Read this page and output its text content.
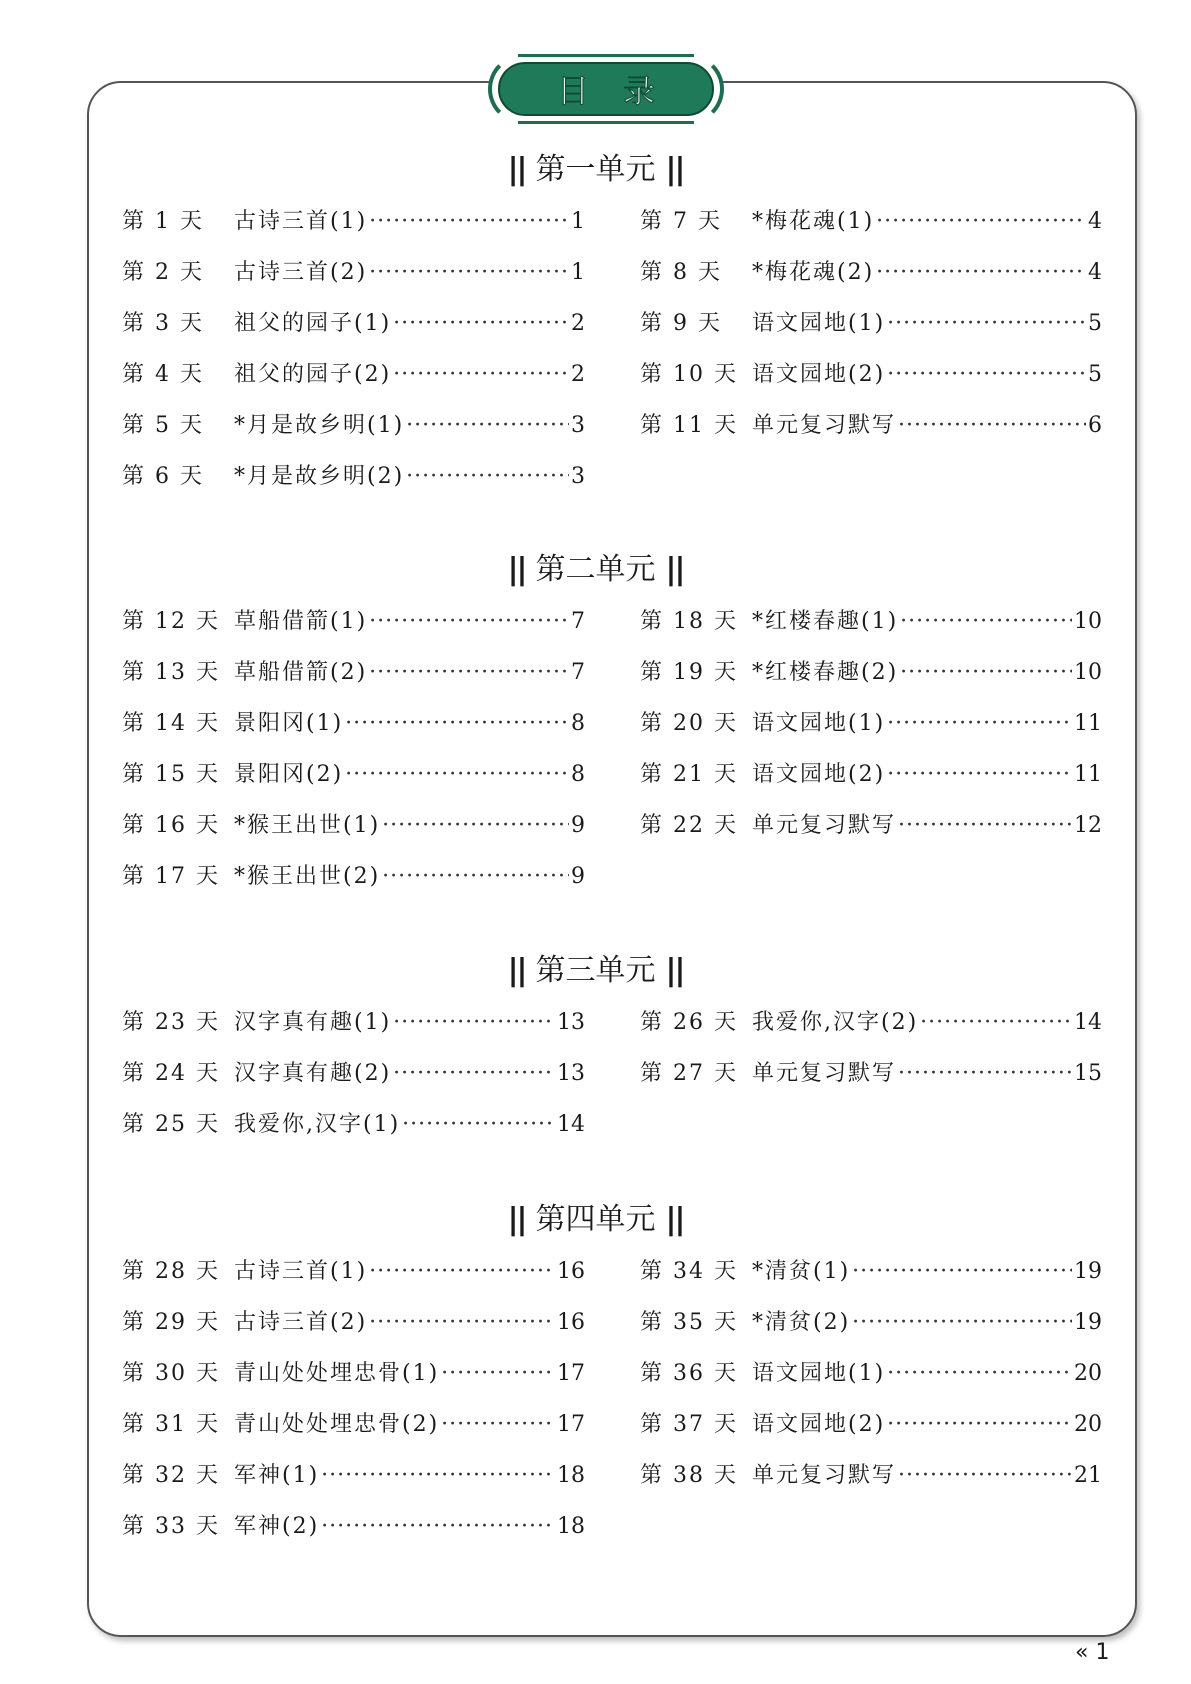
目 录
|| 第一单元 ||
第 1 天	古诗三首(1) ·····	1
第 2 天	古诗三首(2) ·····	1
第 3 天	祖父的园子(1) ·····	2
第 4 天	祖父的园子(2) ·····	2
第 5 天	*月是故乡明(1) ·····	3
第 6 天	*月是故乡明(2) ·····	3
第 7 天	*梅花魂(1) ·····	4
第 8 天	*梅花魂(2) ·····	4
第 9 天	语文园地(1) ·····	5
第 10 天 语文园地(2) ·····	5
第 11 天 单元复习默写 ·····	6
|| 第二单元 ||
第 12 天 草船借箭(1) ·····	7
第 13 天 草船借箭(2) ·····	7
第 14 天 景阳冈(1) ·····	8
第 15 天 景阳冈(2) ·····	8
第 16 天 *猴王出世(1) ·····	9
第 17 天 *猴王出世(2) ·····	9
第 18 天 *红楼春趣(1) ·····	10
第 19 天 *红楼春趣(2) ·····	10
第 20 天 语文园地(1) ·····	11
第 21 天 语文园地(2) ·····	11
第 22 天 单元复习默写 ·····	12
|| 第三单元 ||
第 23 天 汉字真有趣(1) ·····	13
第 24 天 汉字真有趣(2) ·····	13
第 25 天 我爱你,汉字(1) ·····	14
第 26 天 我爱你,汉字(2) ·····	14
第 27 天 单元复习默写 ·····	15
|| 第四单元 ||
第 28 天 古诗三首(1) ·····	16
第 29 天 古诗三首(2) ·····	16
第 30 天 青山处处埋忠骨(1) ·····	17
第 31 天 青山处处埋忠骨(2) ·····	17
第 32 天 军神(1) ·····	18
第 33 天 军神(2) ·····	18
第 34 天 *清贫(1) ·····	19
第 35 天 *清贫(2) ·····	19
第 36 天 语文园地(1) ·····	20
第 37 天 语文园地(2) ·····	20
第 38 天 单元复习默写 ·····	21
« 1
